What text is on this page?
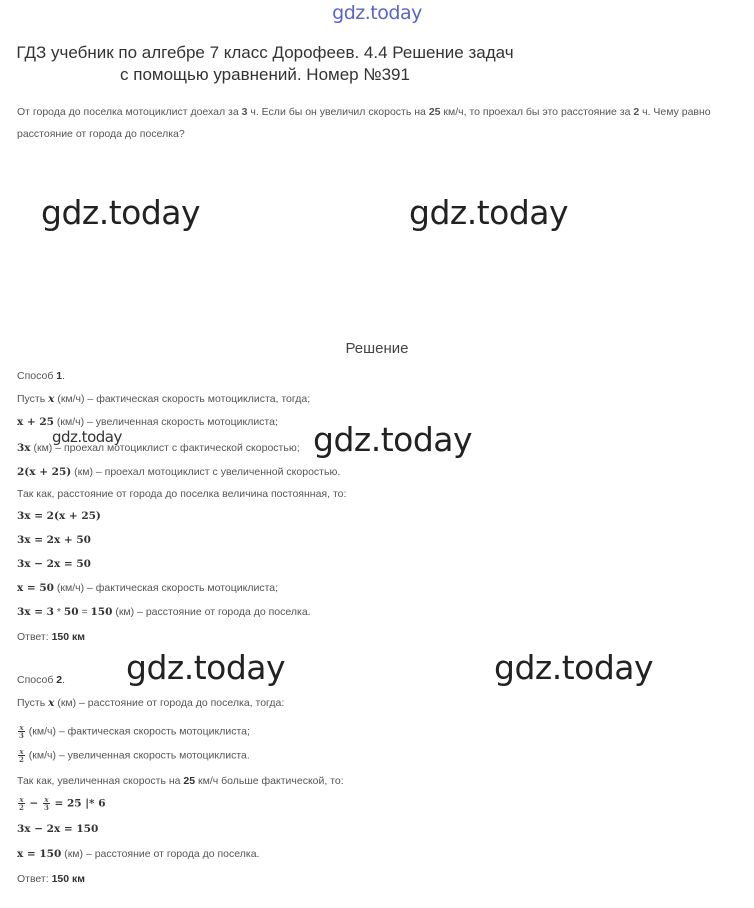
gdz.today
gdz.today	gdz.today
gdz.today	gdz.today
gdz.today	gdz.today
ГДЗ учебник по алгебре 7 класс Дорофеев. 4.4 Решение задач
с помощью уравнений. Номер №391
От города до поселка мотоциклист доехал за 3 ч. Если бы он увеличил скорость на 25 км/ч, то проехал бы это расстояние за 2 ч. Чему равно расстояние от города до поселка?
Решение
Способ 1.
Пусть x (км/ч) – фактическая скорость мотоциклиста, тогда;
x + 25 (км/ч) – увеличенная скорость мотоциклиста;
3x (км) – проехал мотоциклист с фактической скоростью;
2(x + 25) (км) – проехал мотоциклист с увеличенной скоростью.
Так как, расстояние от города до поселка величина постоянная, то:
3x = 2(x + 25)
3x = 2x + 50
3x − 2x = 50
x = 50 (км/ч) – фактическая скорость мотоциклиста;
3x = 3 * 50 = 150 (км) – расстояние от города до поселка.
Ответ: 150 км
Способ 2.
Пусть x (км) – расстояние от города до поселка, тогда:
$\frac{x}{3} (км/ч)$ – фактическая скорость мотоциклиста;
$\frac{x}{2} (км/ч)$ – увеличенная скорость мотоциклиста.
Так как, увеличенная скорость на 25 км/ч больше фактической, то:
$\frac{x}{2} - \frac{x}{3} = 25$ |* 6
3x − 2x = 150
x = 150 (км) – расстояние от города до поселка.
Ответ: 150 км
